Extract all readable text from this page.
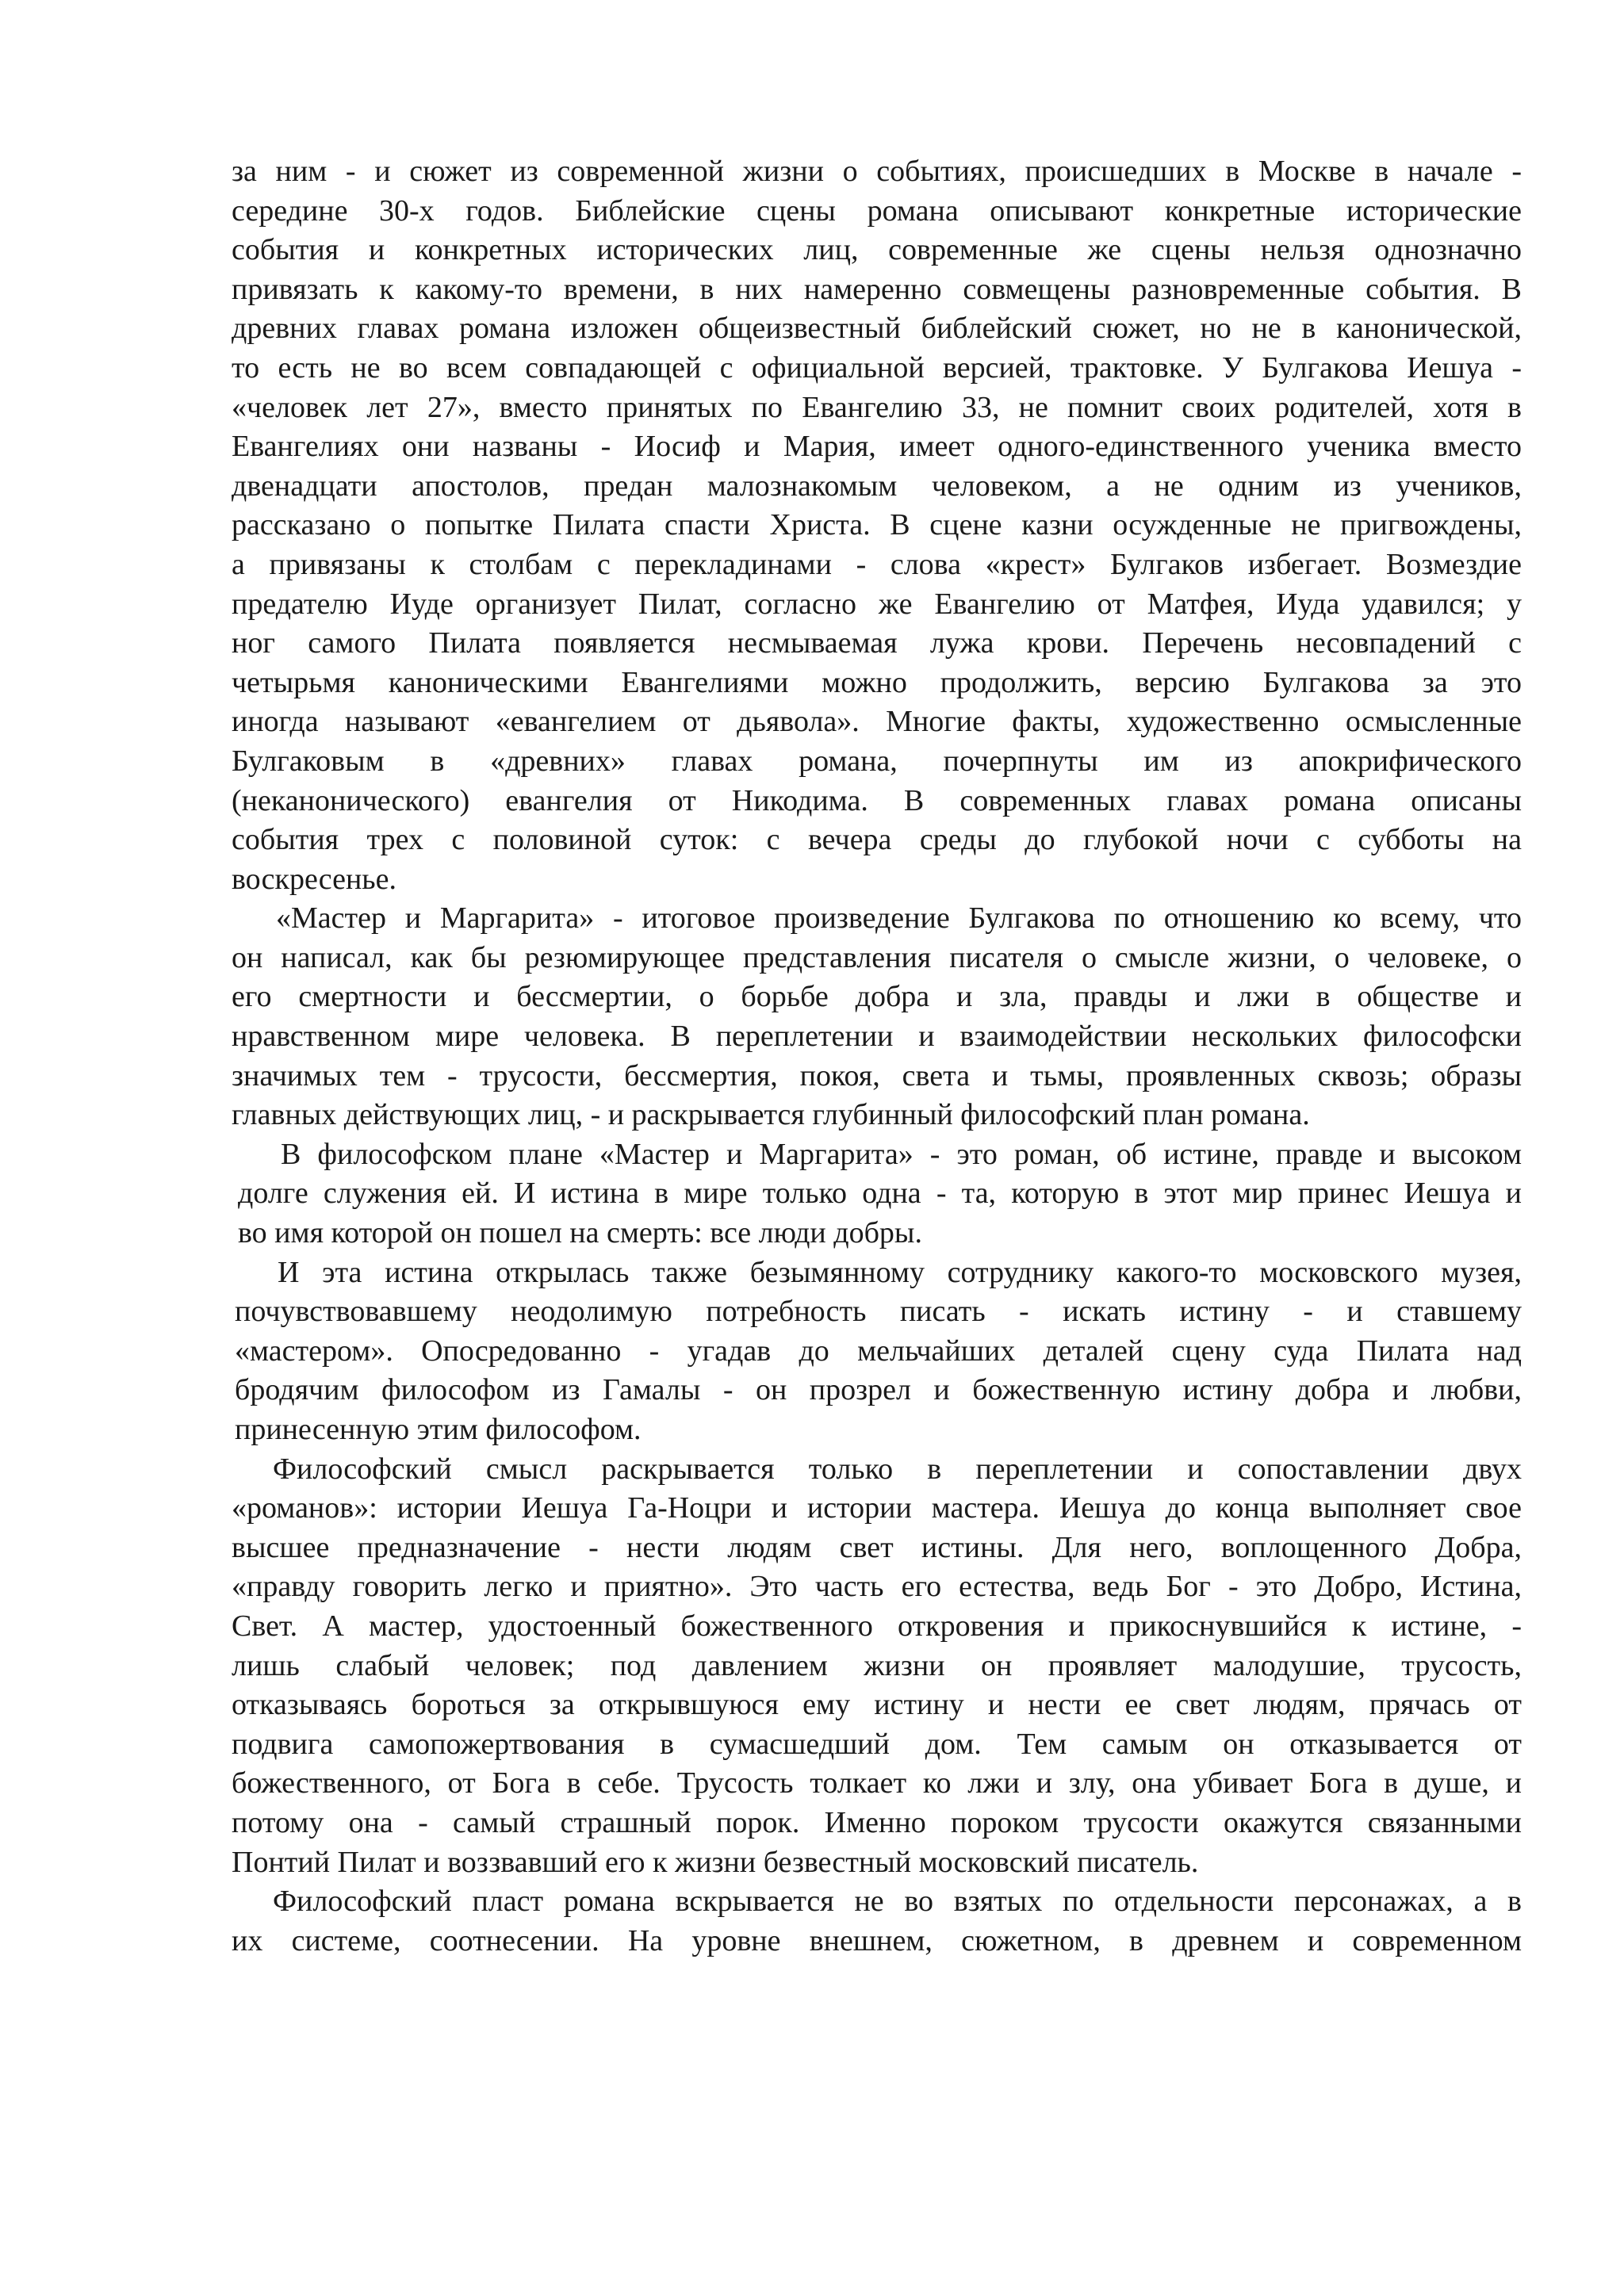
за ним - и сюжет из современной жизни о событиях, происшедших в Москве в начале -
середине 30-х годов. Библейские сцены романа описывают конкретные исторические
события и конкретных исторических лиц, современные же сцены нельзя однозначно
привязать к какому-то времени, в них намеренно совмещены разновременные события. В
древних главах романа изложен общеизвестный библейский сюжет, но не в канонической,
то есть не во всем совпадающей с официальной версией, трактовке. У Булгакова Иешуа -
«человек лет 27», вместо принятых по Евангелию 33, не помнит своих родителей, хотя в
Евангелиях они названы - Иосиф и Мария, имеет одного-единственного ученика вместо
двенадцати апостолов, предан малознакомым человеком, а не одним из учеников,
рассказано о попытке Пилата спасти Христа. В сцене казни осужденные не пригвождены,
а привязаны к столбам с перекладинами - слова «крест» Булгаков избегает. Возмездие
предателю Иуде организует Пилат, согласно же Евангелию от Матфея, Иуда удавился; у
ног самого Пилата появляется несмываемая лужа крови. Перечень несовпадений с
четырьмя каноническими Евангелиями можно продолжить, версию Булгакова за это
иногда называют «евангелием от дьявола». Многие факты, художественно осмысленные
Булгаковым в «древних» главах романа, почерпнуты им из апокрифического
(неканонического) евангелия от Никодима. В современных главах романа описаны
события трех с половиной суток: с вечера среды до глубокой ночи с субботы на
воскресенье.
«Мастер и Маргарита» - итоговое произведение Булгакова по отношению ко всему, что
он написал, как бы резюмирующее представления писателя о смысле жизни, о человеке, о
его смертности и бессмертии, о борьбе добра и зла, правды и лжи в обществе и
нравственном мире человека. В переплетении и взаимодействии нескольких философски
значимых тем - трусости, бессмертия, покоя, света и тьмы, проявленных сквозь; образы
главных действующих лиц, - и раскрывается глубинный философский план романа.
В философском плане «Мастер и Маргарита» - это роман, об истине, правде и высоком
долге служения ей. И истина в мире только одна - та, которую в этот мир принес Иешуа и
во имя которой он пошел на смерть: все люди добры.
И эта истина открылась также безымянному сотруднику какого-то московского музея,
почувствовавшему неодолимую потребность писать - искать истину - и ставшему
«мастером». Опосредованно - угадав до мельчайших деталей сцену суда Пилата над
бродячим философом из Гамалы - он прозрел и божественную истину добра и любви,
принесенную этим философом.
Философский смысл раскрывается только в переплетении и сопоставлении двух
«романов»: истории Иешуа Га-Ноцри и истории мастера. Иешуа до конца выполняет свое
высшее предназначение - нести людям свет истины. Для него, воплощенного Добра,
«правду говорить легко и приятно». Это часть его естества, ведь Бог - это Добро, Истина,
Свет. А мастер, удостоенный божественного откровения и прикоснувшийся к истине, -
лишь слабый человек; под давлением жизни он проявляет малодушие, трусость,
отказываясь бороться за открывшуюся ему истину и нести ее свет людям, прячась от
подвига самопожертвования в сумасшедший дом. Тем самым он отказывается от
божественного, от Бога в себе. Трусость толкает ко лжи и злу, она убивает Бога в душе, и
потому она - самый страшный порок. Именно пороком трусости окажутся связанными
Понтий Пилат и воззвавший его к жизни безвестный московский писатель.
Философский пласт романа вскрывается не во взятых по отдельности персонажах, а в
их системе, соотнесении. На уровне внешнем, сюжетном, в древнем и современном
